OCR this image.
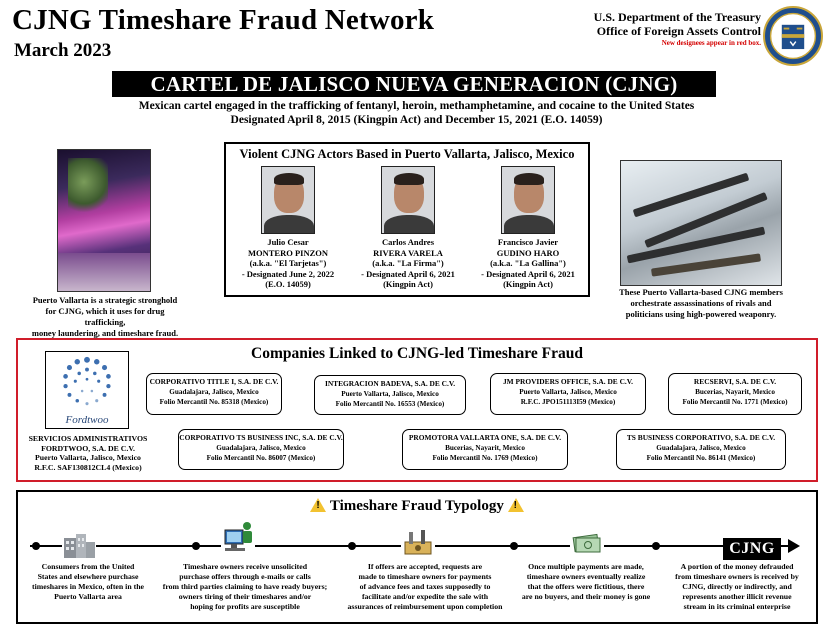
CJNG Timeshare Fraud Network
March 2023
U.S. Department of the Treasury
Office of Foreign Assets Control
New designees appear in red box.
CARTEL DE JALISCO NUEVA GENERACION (CJNG)
Mexican cartel engaged in the trafficking of fentanyl, heroin, methamphetamine, and cocaine to the United States
Designated April 8, 2015 (Kingpin Act) and December 15, 2021 (E.O. 14059)
Puerto Vallarta is a strategic stronghold
for CJNG, which it uses for drug trafficking,
money laundering, and timeshare fraud.
Violent CJNG Actors Based in Puerto Vallarta, Jalisco, Mexico
Julio Cesar
MONTERO PINZON
(a.k.a. "El Tarjetas")
- Designated June 2, 2022
(E.O. 14059)
Carlos Andres
RIVERA VARELA
(a.k.a. "La Firma")
- Designated April 6, 2021
(Kingpin Act)
Francisco Javier
GUDINO HARO
(a.k.a. "La Gallina")
- Designated April 6, 2021
(Kingpin Act)
These Puerto Vallarta-based CJNG members
orchestrate assassinations of rivals and
politicians using high-powered weaponry.
Companies Linked to CJNG-led Timeshare Fraud
Fordtwoo
SERVICIOS ADMINISTRATIVOS
FORDTWOO, S.A. DE C.V.
Puerto Vallarta, Jalisco, Mexico
R.F.C. SAF130812CL4 (Mexico)
CORPORATIVO TITLE I, S.A. DE C.V.
Guadalajara, Jalisco, Mexico
Folio Mercantil No. 85318 (Mexico)
INTEGRACION BADEVA, S.A. DE C.V.
Puerto Vallarta, Jalisco, Mexico
Folio Mercantil No. 16553 (Mexico)
JM PROVIDERS OFFICE, S.A. DE C.V.
Puerto Vallarta, Jalisco, Mexico
R.F.C. JPO151113I59 (Mexico)
RECSERVI, S.A. DE C.V.
Bucerias, Nayarit, Mexico
Folio Mercantil No. 1771 (Mexico)
CORPORATIVO TS BUSINESS INC, S.A. DE C.V.
Guadalajara, Jalisco, Mexico
Folio Mercantil No. 86007 (Mexico)
PROMOTORA VALLARTA ONE, S.A. DE C.V.
Bucerias, Nayarit, Mexico
Folio Mercantil No. 1769 (Mexico)
TS BUSINESS CORPORATIVO, S.A. DE C.V.
Guadalajara, Jalisco, Mexico
Folio Mercantil No. 86141 (Mexico)
! Timeshare Fraud Typology !
CJNG
Consumers from the United
States and elsewhere purchase
timeshares in Mexico, often in the
Puerto Vallarta area
Timeshare owners receive unsolicited
purchase offers through e-mails or calls
from third parties claiming to have ready buyers;
owners tiring of their timeshares and/or
hoping for profits are susceptible
If offers are accepted, requests are
made to timeshare owners for payments
of advance fees and taxes supposedly to
facilitate and/or expedite the sale with
assurances of reimbursement upon completion
Once multiple payments are made,
timeshare owners eventually realize
that the offers were fictitious, there
are no buyers, and their money is gone
A portion of the money defrauded
from timeshare owners is received by
CJNG, directly or indirectly, and
represents another illicit revenue
stream in its criminal enterprise
